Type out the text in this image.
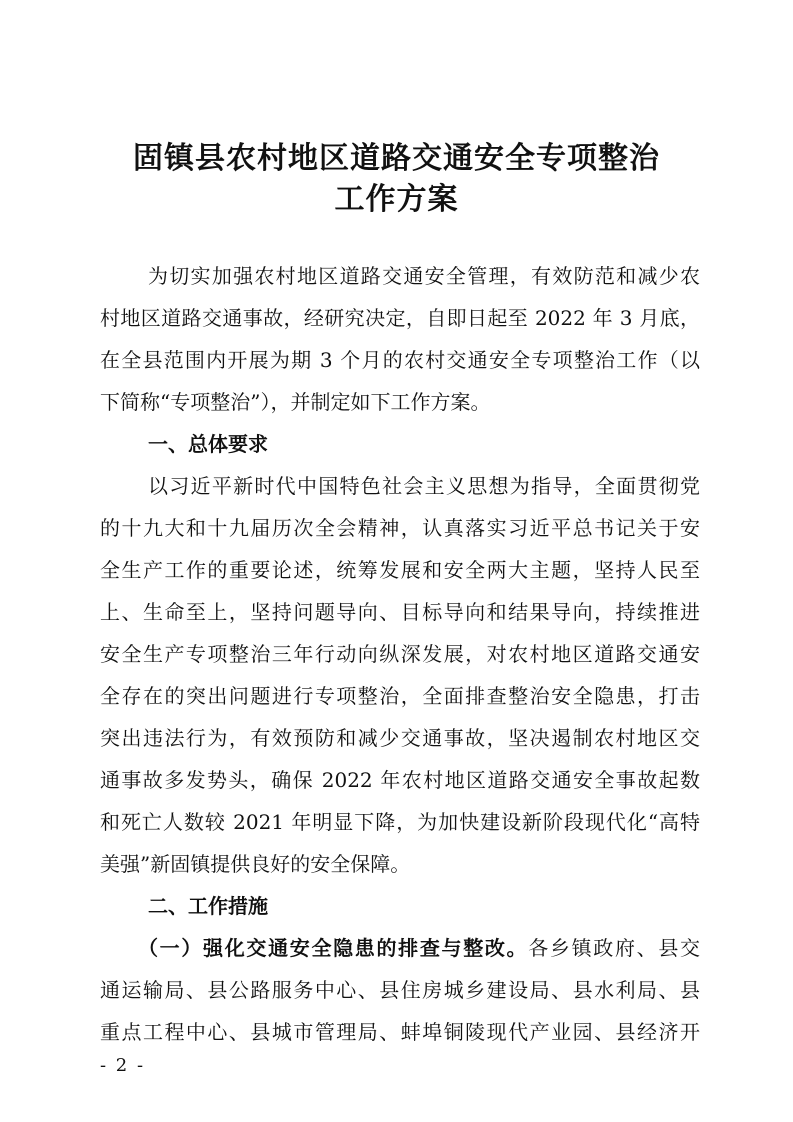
固镇县农村地区道路交通安全专项整治
工作方案
为切实加强农村地区道路交通安全管理，有效防范和减少农
村地区道路交通事故，经研究决定，自即日起至 2022 年 3 月底，
在全县范围内开展为期 3 个月的农村交通安全专项整治工作（以
下简称“专项整治”），并制定如下工作方案。
一、总体要求
以习近平新时代中国特色社会主义思想为指导，全面贯彻党
的十九大和十九届历次全会精神，认真落实习近平总书记关于安
全生产工作的重要论述，统筹发展和安全两大主题，坚持人民至
上、生命至上，坚持问题导向、目标导向和结果导向，持续推进
安全生产专项整治三年行动向纵深发展，对农村地区道路交通安
全存在的突出问题进行专项整治，全面排查整治安全隐患，打击
突出违法行为，有效预防和减少交通事故，坚决遏制农村地区交
通事故多发势头，确保 2022 年农村地区道路交通安全事故起数
和死亡人数较 2021 年明显下降，为加快建设新阶段现代化“高特
美强”新固镇提供良好的安全保障。
二、工作措施
（一）强化交通安全隐患的排查与整改。各乡镇政府、县交
通运输局、县公路服务中心、县住房城乡建设局、县水利局、县
重点工程中心、县城市管理局、蚌埠铜陵现代产业园、县经济开
- 2 -
